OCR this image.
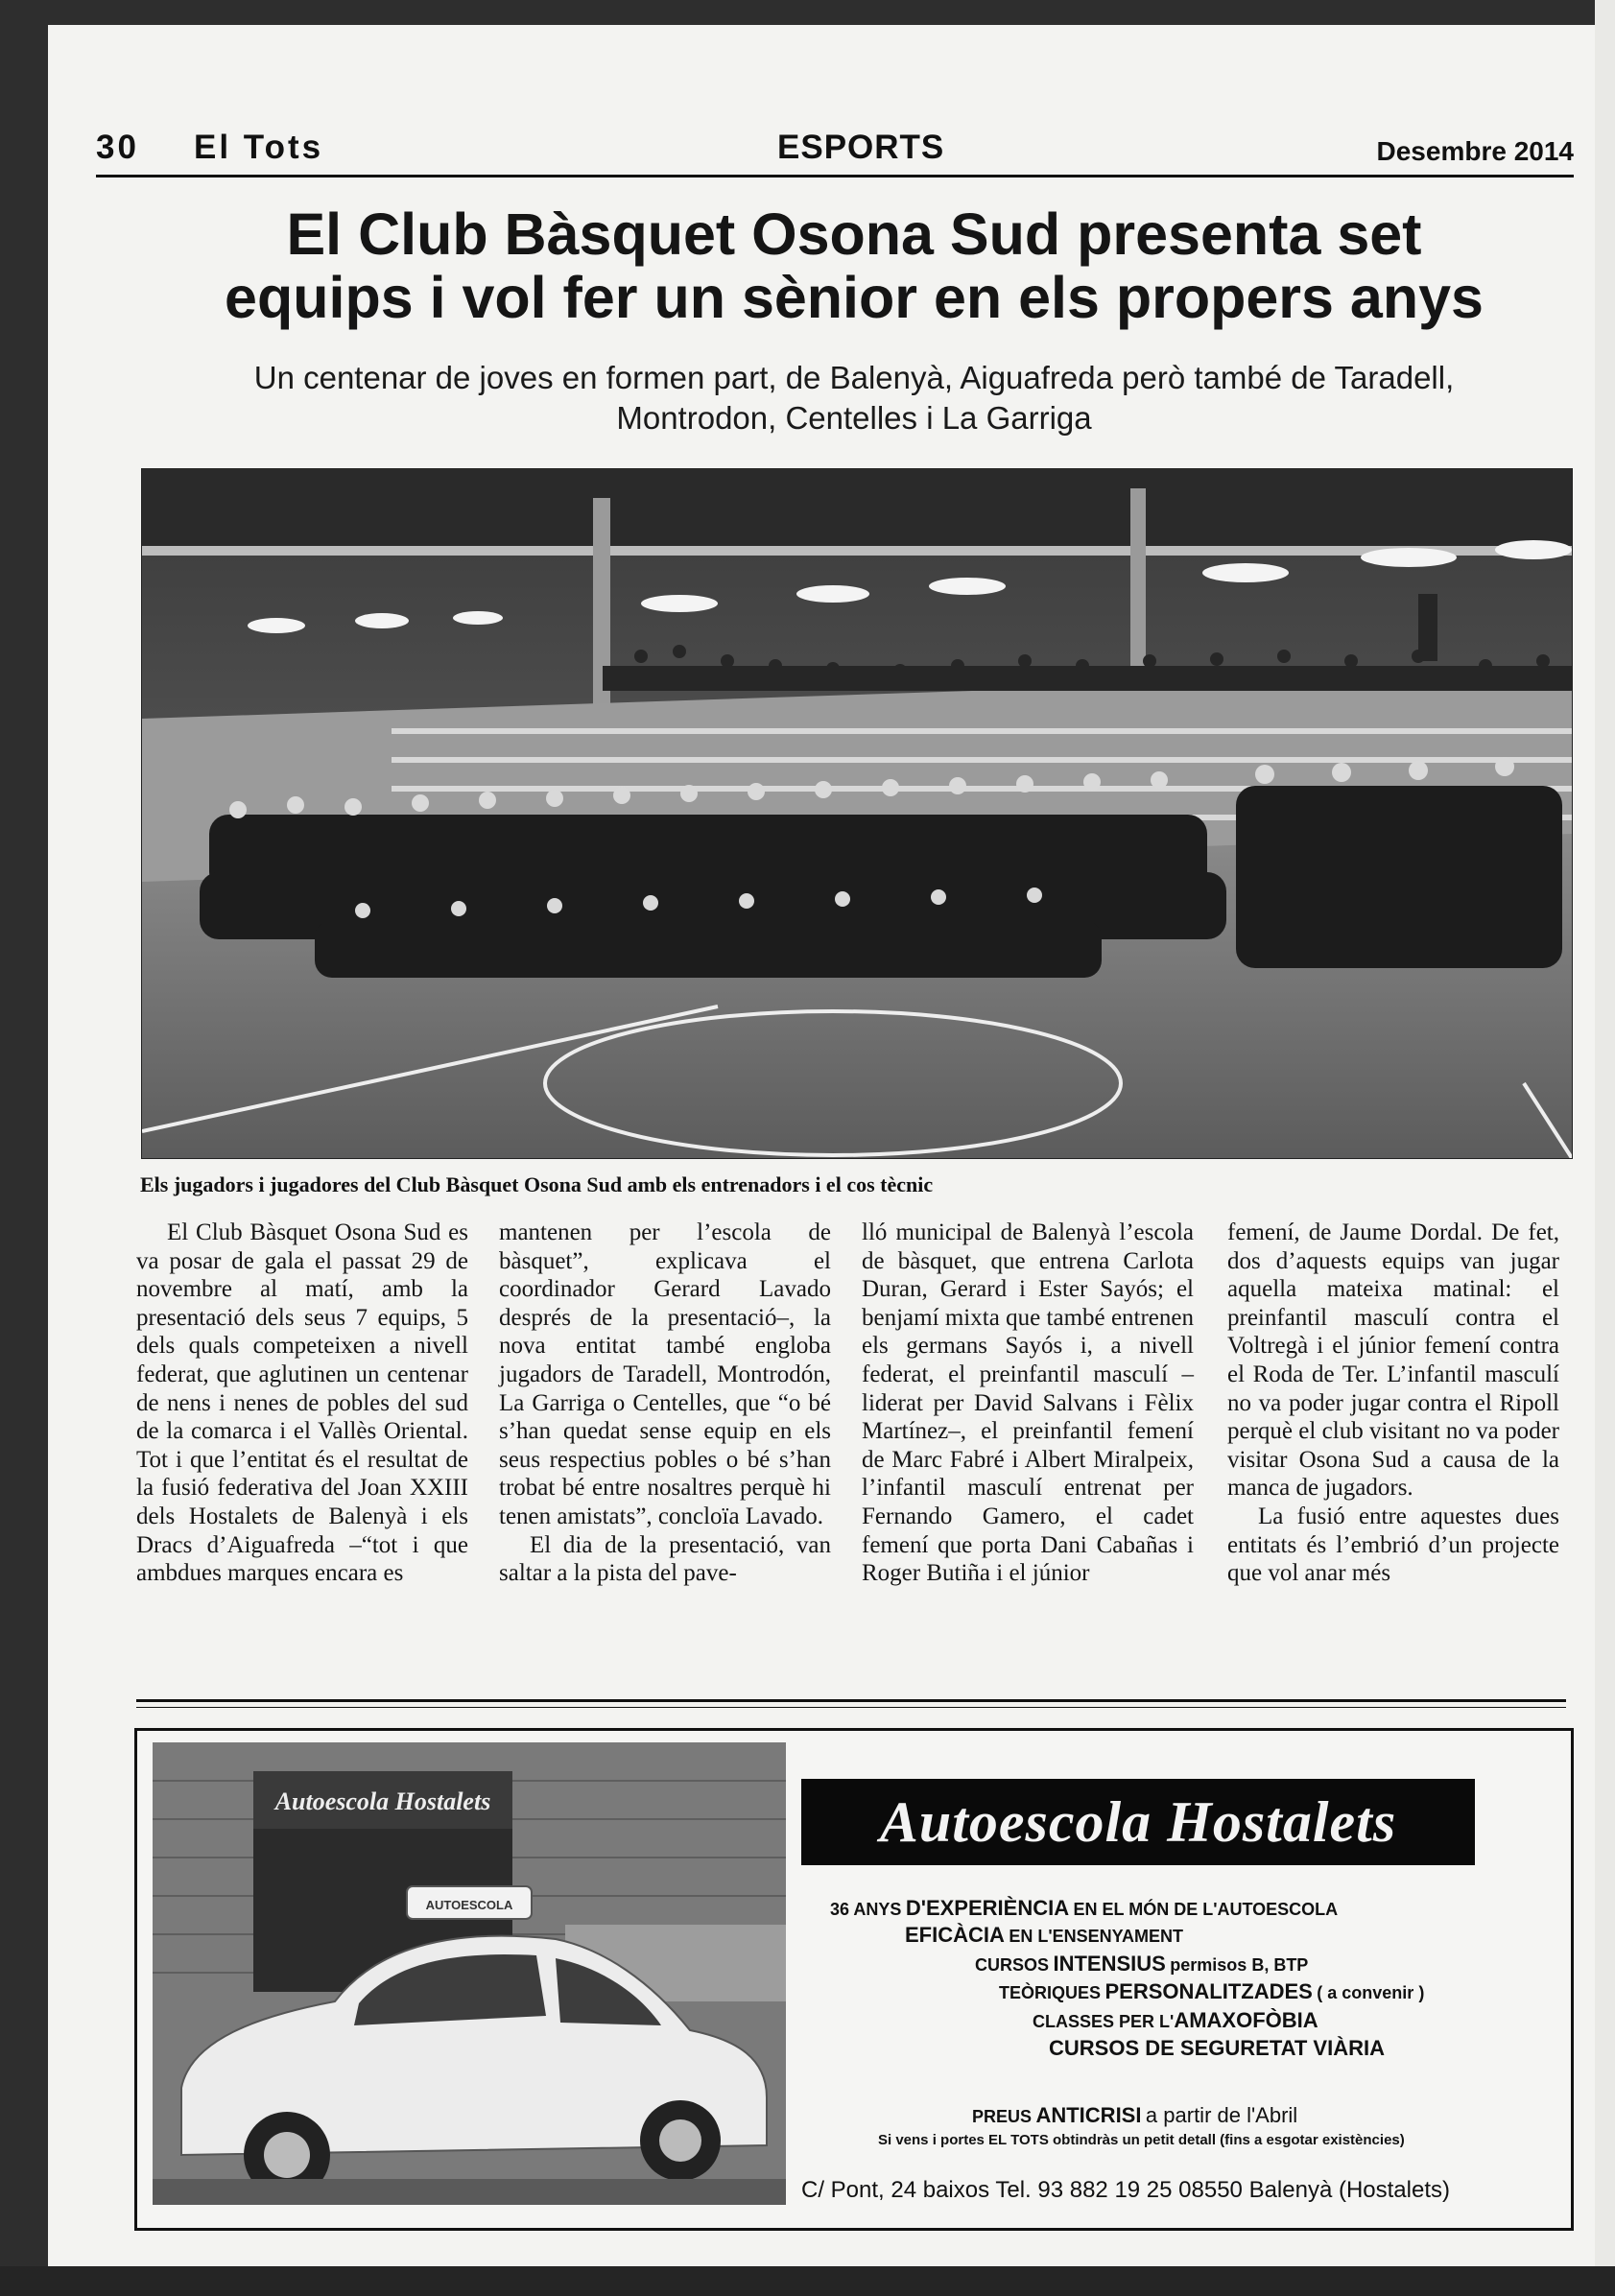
30 El Tots	ESPORTS	Desembre 2014
El Club Bàsquet Osona Sud presenta set
equips i vol fer un sènior en els propers anys
Un centenar de joves en formen part, de Balenyà, Aiguafreda però també de Taradell,
Montrodon, Centelles i La Garriga
Els jugadors i jugadores del Club Bàsquet Osona Sud amb els entrenadors i el cos tècnic

El Club Bàsquet Osona Sud es va posar de gala el passat 29 de novembre al matí, amb la presentació dels seus 7 equips, 5 dels quals competeixen a nivell federat, que aglutinen un centenar de nens i nenes de pobles del sud de la comarca i el Vallès Oriental. Tot i que l’entitat és el resultat de la fusió federativa del Joan XXIII dels Hostalets de Balenyà i els Dracs d’Aiguafreda –“tot i que ambdues marques encara es

mantenen per l’escola de bàsquet”, explicava el coordinador Gerard Lavado després de la presentació–, la nova entitat també engloba jugadors de Taradell, Montrodón, La Garriga o Centelles, que “o bé s’han quedat sense equip en els seus respectius pobles o bé s’han trobat bé entre nosaltres perquè hi tenen amistats”, concloïa Lavado.

El dia de la presentació, van saltar a la pista del pave-

lló municipal de Balenyà l’escola de bàsquet, que entrena Carlota Duran, Gerard i Ester Sayós; el benjamí mixta que també entrenen els germans Sayós i, a nivell federat, el preinfantil masculí –liderat per David Salvans i Fèlix Martínez–, el preinfantil femení de Marc Fabré i Albert Miralpeix, l’infantil masculí entrenat per Fernando Gamero, el cadet femení que porta Dani Cabañas i Roger Butiña i el júnior

femení, de Jaume Dordal. De fet, dos d’aquests equips van jugar aquella mateixa matinal: el preinfantil masculí contra el Voltregà i el júnior femení contra el Roda de Ter. L’infantil masculí no va poder jugar contra el Ripoll perquè el club visitant no va poder visitar Osona Sud a causa de la manca de jugadors.

La fusió entre aquestes dues entitats és l’embrió d’un projecte que vol anar més

Autoescola Hostalets
AUTOESCOLA
Autoescola Hostalets
36 ANYS D'EXPERIÈNCIA EN EL MÓN DE L'AUTOESCOLA
EFICÀCIA EN L'ENSENYAMENT
CURSOS INTENSIUS permisos B, BTP
TEÒRIQUES PERSONALITZADES ( a convenir )
CLASSES PER L'AMAXOFÒBIA
CURSOS DE SEGURETAT VIÀRIA
PREUS ANTICRISI a partir de l'Abril
Si vens i portes EL TOTS obtindràs un petit detall (fins a esgotar existències)
C/ Pont, 24 baixos Tel. 93 882 19 25 08550 Balenyà (Hostalets)
